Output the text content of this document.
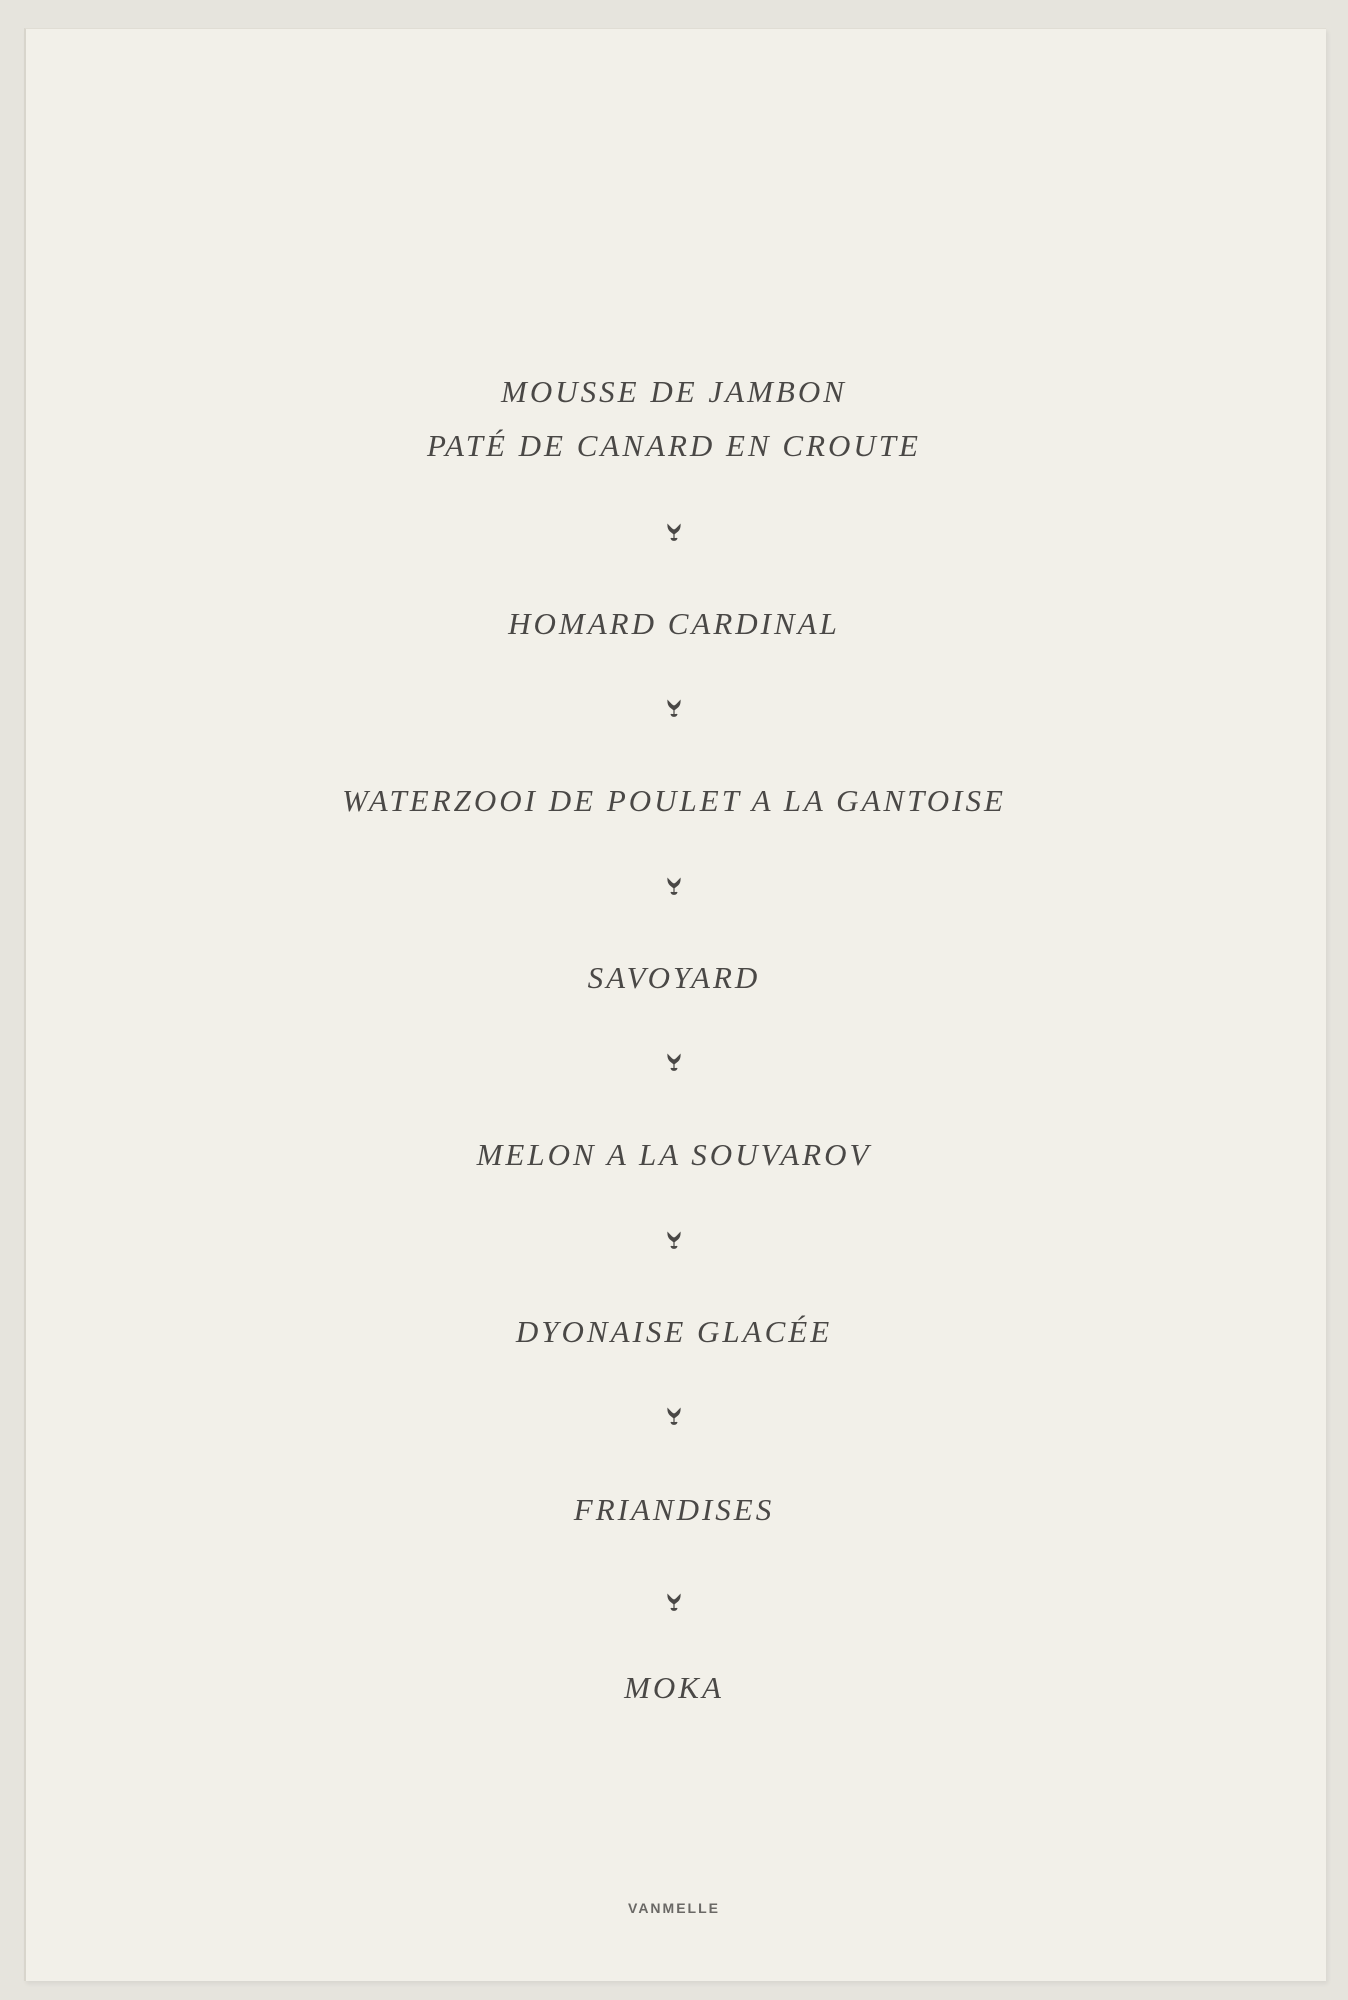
MOUSSE DE JAMBON
PATÉ DE CANARD EN CROUTE
HOMARD CARDINAL
WATERZOOI DE POULET A LA GANTOISE
SAVOYARD
MELON A LA SOUVAROV
DYONAISE GLACÉE
FRIANDISES
MOKA
VANMELLE
